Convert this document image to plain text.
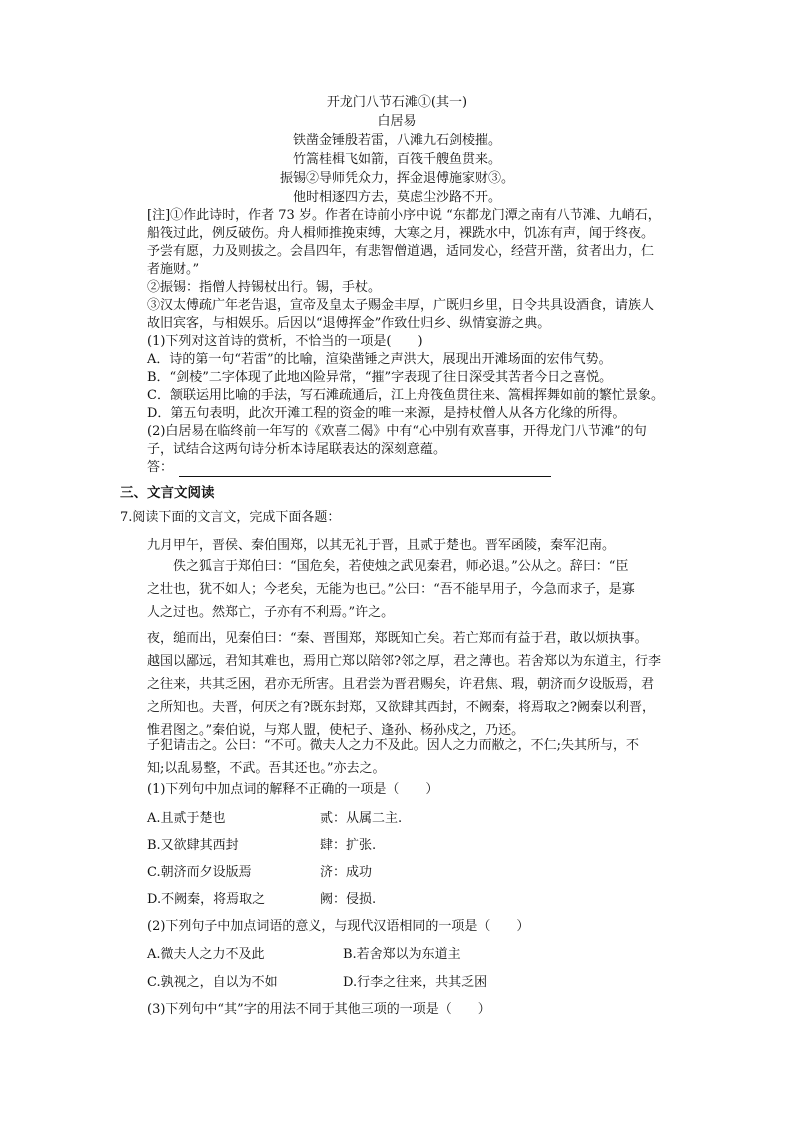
开龙门八节石滩①(其一)
白居易
铁凿金锤殷若雷，八滩九石剑棱摧。
竹篙桂楫飞如箭，百筏千艘鱼贯来。
振锡②导师凭众力，挥金退傅施家财③。
他时相逐四方去，莫虑尘沙路不开。
[注]①作此诗时，作者 73 岁。作者在诗前小序中说 “东都龙门潭之南有八节滩、九峭石，
船筏过此，例反破伤。舟人楫师推挽束缚，大寒之月，裸跣水中，饥冻有声，闻于终夜。
予尝有愿，力及则拔之。会昌四年，有悲智僧道遇，适同发心，经营开凿，贫者出力，仁
者施财。”
②振锡：指僧人持锡杖出行。锡，手杖。
③汉太傅疏广年老告退，宣帝及皇太子赐金丰厚，广既归乡里，日令共具设酒食，请族人
故旧宾客，与相娱乐。后因以“退傅挥金”作致仕归乡、纵情宴游之典。
(1)下列对这首诗的赏析，不恰当的一项是(　　)
A．诗的第一句“若雷”的比喻，渲染凿锤之声洪大，展现出开滩场面的宏伟气势。
B．“剑棱”二字体现了此地凶险异常，“摧”字表现了往日深受其苦者今日之喜悦。
C．颔联运用比喻的手法，写石滩疏通后，江上舟筏鱼贯往来、篙楫挥舞如前的繁忙景象。
D．第五句表明，此次开滩工程的资金的唯一来源，是持杖僧人从各方化缘的所得。
(2)白居易在临终前一年写的《欢喜二偈》中有“心中别有欢喜事，开得龙门八节滩”的句
子，试结合这两句诗分析本诗尾联表达的深刻意蕴。
答：
三、文言文阅读
7.阅读下面的文言文，完成下面各题：
九月甲午，晋侯、秦伯围郑，以其无礼于晋，且贰于楚也。晋军函陵，秦军氾南。
　　佚之狐言于郑伯曰：“国危矣，若使烛之武见秦君，师必退。”公从之。辞曰：“臣
之壮也，犹不如人；今老矣，无能为也已。”公曰：“吾不能早用子，今急而求子，是寡
人之过也。然郑亡，子亦有不利焉。”许之。
夜，缒而出，见秦伯曰：“秦、晋围郑，郑既知亡矣。若亡郑而有益于君，敢以烦执事。
越国以鄙远，君知其难也，焉用亡郑以陪邻?邻之厚，君之薄也。若舍郑以为东道主，行李
之往来，共其乏困，君亦无所害。且君尝为晋君赐矣，许君焦、瑕，朝济而夕设版焉，君
之所知也。夫晋，何厌之有?既东封郑，又欲肆其西封，不阙秦，将焉取之?阙秦以利晋，
惟君图之。”秦伯说，与郑人盟，使杞子、逢孙、杨孙戍之，乃还。
子犯请击之。公曰：“不可。微夫人之力不及此。因人之力而敝之，不仁;失其所与，不
知;以乱易整，不武。吾其还也。”亦去之。
(1)下列句中加点词的解释不正确的一项是（　　）
A.且贰于楚也	贰：从属二主.
B.又欲肆其西封	肆：扩张.
C.朝济而夕设版焉	济：成功
D.不阙秦，将焉取之	阙：侵损.
(2)下列句子中加点词语的意义，与现代汉语相同的一项是（　　）
A.微夫人之力不及此	B.若舍郑以为东道主
C.孰视之，自以为不如	D.行李之往来，共其乏困
(3)下列句中“其”字的用法不同于其他三项的一项是（　　）
